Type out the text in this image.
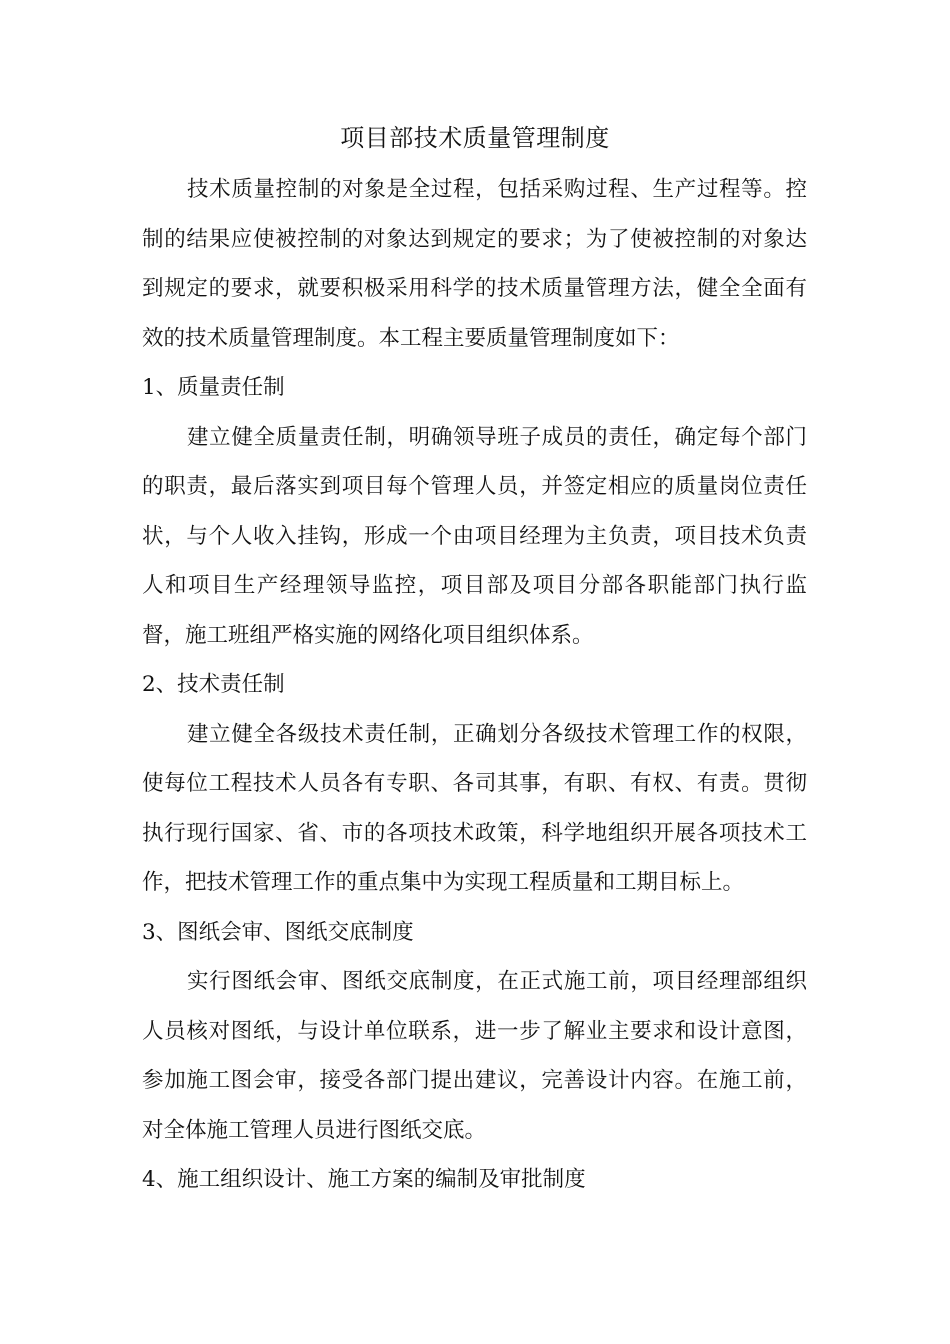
项目部技术质量管理制度

技术质量控制的对象是全过程，包括采购过程、生产过程等。控制的结果应使被控制的对象达到规定的要求；为了使被控制的对象达到规定的要求，就要积极采用科学的技术质量管理方法，健全全面有效的技术质量管理制度。本工程主要质量管理制度如下：

1、质量责任制

建立健全质量责任制，明确领导班子成员的责任，确定每个部门的职责，最后落实到项目每个管理人员，并签定相应的质量岗位责任状，与个人收入挂钩，形成一个由项目经理为主负责，项目技术负责人和项目生产经理领导监控，项目部及项目分部各职能部门执行监督，施工班组严格实施的网络化项目组织体系。

2、技术责任制

建立健全各级技术责任制，正确划分各级技术管理工作的权限，使每位工程技术人员各有专职、各司其事，有职、有权、有责。贯彻执行现行国家、省、市的各项技术政策，科学地组织开展各项技术工作，把技术管理工作的重点集中为实现工程质量和工期目标上。

3、图纸会审、图纸交底制度

实行图纸会审、图纸交底制度，在正式施工前，项目经理部组织人员核对图纸，与设计单位联系，进一步了解业主要求和设计意图，参加施工图会审，接受各部门提出建议，完善设计内容。在施工前，对全体施工管理人员进行图纸交底。

4、施工组织设计、施工方案的编制及审批制度
